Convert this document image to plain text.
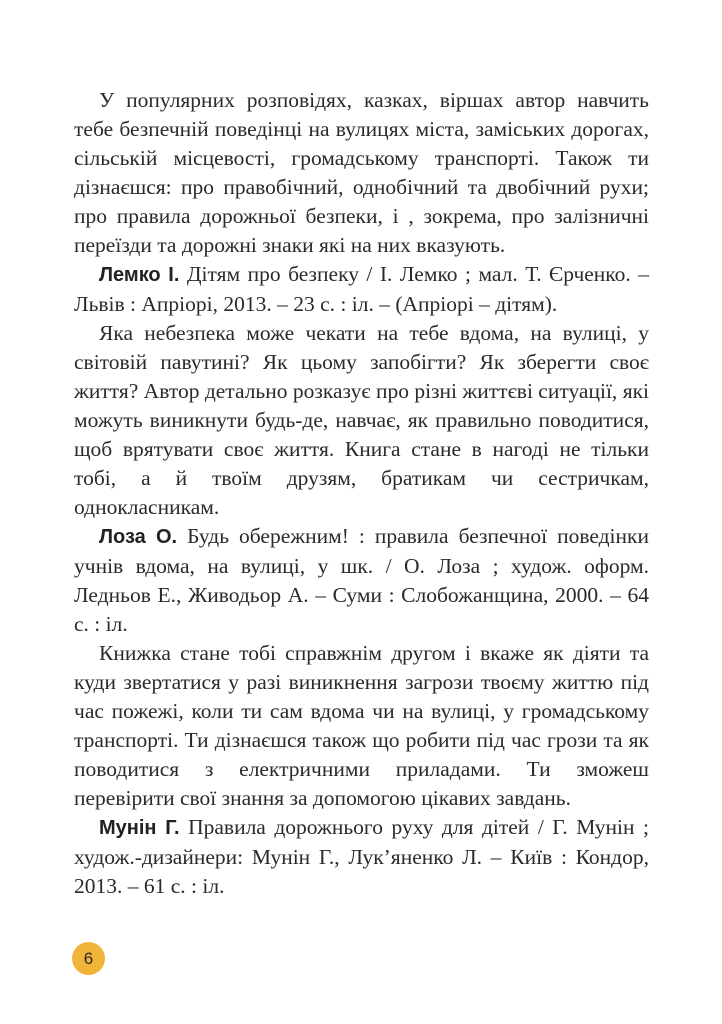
У популярних розповідях, казках, віршах автор навчить тебе безпечній поведінці на вулицях міста, заміських дорогах, сільській місцевості, громадському транспорті. Також ти дізнаєшся: про правобічний, однобічний та двобічний рухи; про правила дорожньої безпеки, і , зокрема, про залізничні переїзди та дорожні знаки які на них вказують.

Лемко І. Дітям про безпеку / І. Лемко ; мал. Т. Єрченко. – Львів : Апріорі, 2013. – 23 с. : іл. – (Апріорі – дітям).

Яка небезпека може чекати на тебе вдома, на вулиці, у світовій павутині? Як цьому запобігти? Як зберегти своє життя? Автор детально розказує про різні життєві ситуації, які можуть виникнути будь-де, навчає, як правильно поводитися, щоб врятувати своє життя. Книга стане в нагоді не тільки тобі, а й твоїм друзям, братикам чи сестричкам, однокласникам.

Лоза О. Будь обережним! : правила безпечної поведінки учнів вдома, на вулиці, у шк. / О. Лоза ; худож. оформ. Ледньов Е., Живодьор А. – Суми : Слобожанщина, 2000. – 64 с. : іл.

Книжка стане тобі справжнім другом і вкаже як діяти та куди звертатися у разі виникнення загрози твоєму життю під час пожежі, коли ти сам вдома чи на вулиці, у громадському транспорті. Ти дізнаєшся також що робити під час грози та як поводитися з електричними приладами. Ти зможеш перевірити свої знання за допомогою цікавих завдань.

Мунін Г. Правила дорожнього руху для дітей / Г. Мунін ; худож.-дизайнери: Мунін Г., Лук’яненко Л. – Київ : Кондор, 2013. – 61 с. : іл.

6
